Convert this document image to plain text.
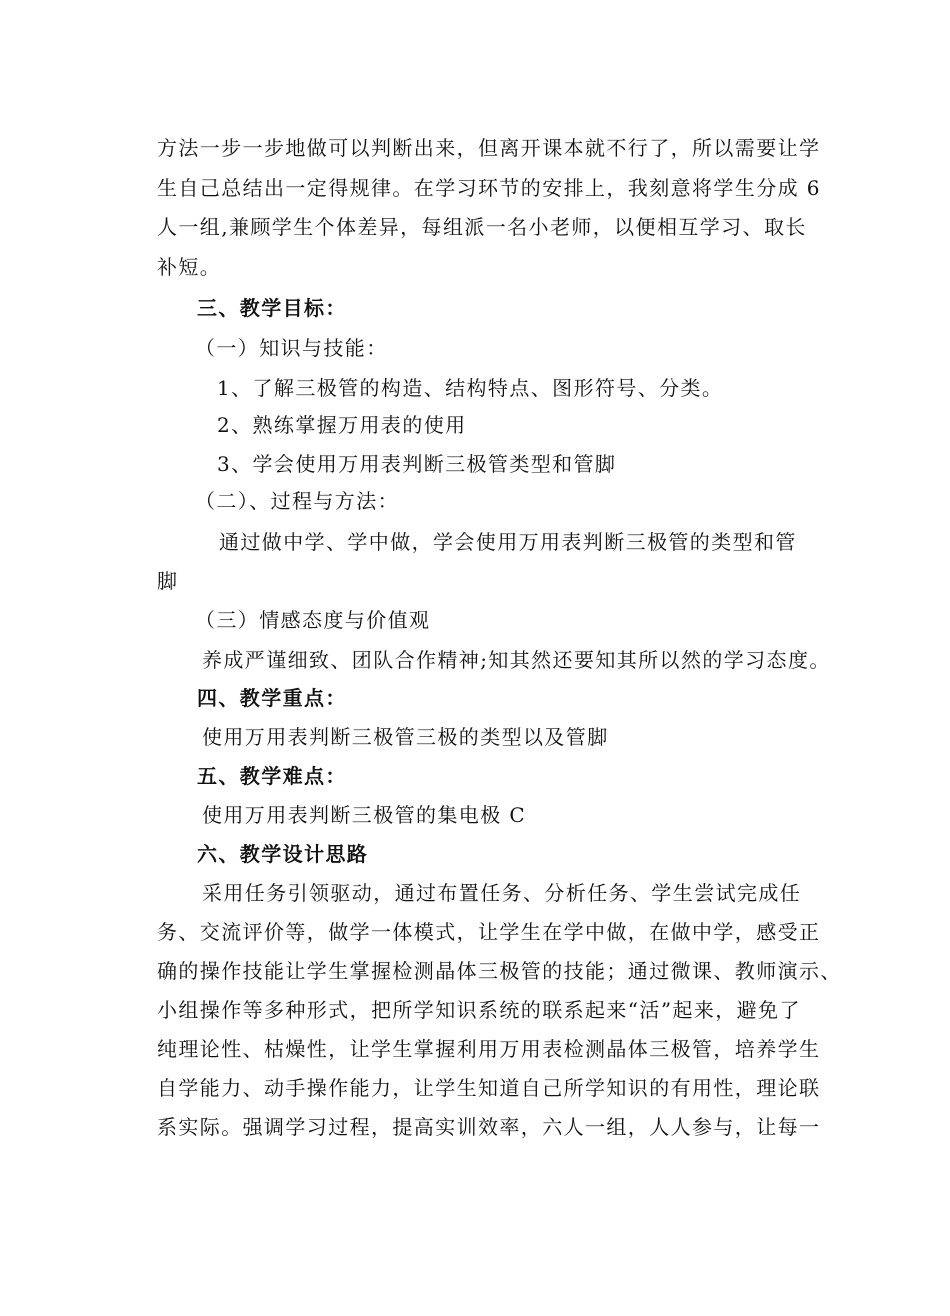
方法一步一步地做可以判断出来，但离开课本就不行了，所以需要让学
生自己总结出一定得规律。在学习环节的安排上，我刻意将学生分成 6
人一组,兼顾学生个体差异，每组派一名小老师，以便相互学习、取长
补短。
三、教学目标：
（一）知识与技能：
1、了解三极管的构造、结构特点、图形符号、分类。
2、熟练掌握万用表的使用
3、学会使用万用表判断三极管类型和管脚
（二）、过程与方法：
通过做中学、学中做，学会使用万用表判断三极管的类型和管
脚
（三）情感态度与价值观
养成严谨细致、团队合作精神;知其然还要知其所以然的学习态度。
四、教学重点：
使用万用表判断三极管三极的类型以及管脚
五、教学难点：
使用万用表判断三极管的集电极 C
六、教学设计思路
采用任务引领驱动，通过布置任务、分析任务、学生尝试完成任
务、交流评价等，做学一体模式，让学生在学中做，在做中学，感受正
确的操作技能让学生掌握检测晶体三极管的技能；通过微课、教师演示、
小组操作等多种形式，把所学知识系统的联系起来“活”起来，避免了
纯理论性、枯燥性，让学生掌握利用万用表检测晶体三极管，培养学生
自学能力、动手操作能力，让学生知道自己所学知识的有用性，理论联
系实际。强调学习过程，提高实训效率，六人一组，人人参与，让每一
